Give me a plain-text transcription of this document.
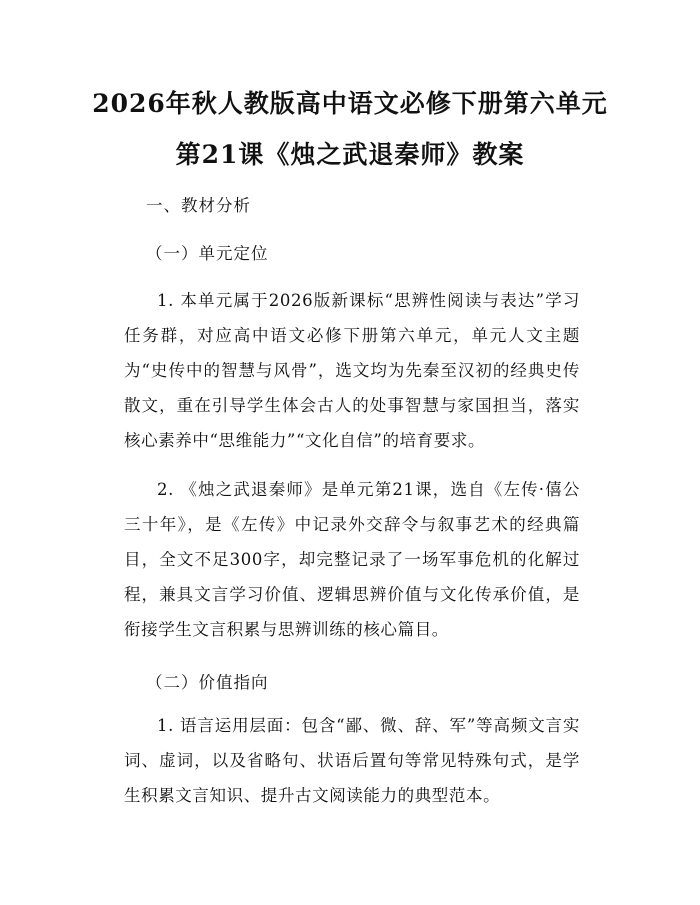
2026年秋人教版高中语文必修下册第六单元
第21课《烛之武退秦师》教案
一、教材分析
（一）单元定位
1. 本单元属于2026版新课标“思辨性阅读与表达”学习任务群，对应高中语文必修下册第六单元，单元人文主题为“史传中的智慧与风骨”，选文均为先秦至汉初的经典史传散文，重在引导学生体会古人的处事智慧与家国担当，落实核心素养中“思维能力”“文化自信”的培育要求。
2. 《烛之武退秦师》是单元第21课，选自《左传·僖公三十年》，是《左传》中记录外交辞令与叙事艺术的经典篇目，全文不足300字，却完整记录了一场军事危机的化解过程，兼具文言学习价值、逻辑思辨价值与文化传承价值，是衔接学生文言积累与思辨训练的核心篇目。
（二）价值指向
1. 语言运用层面：包含“鄙、微、辞、军”等高频文言实词、虚词，以及省略句、状语后置句等常见特殊句式，是学生积累文言知识、提升古文阅读能力的典型范本。
